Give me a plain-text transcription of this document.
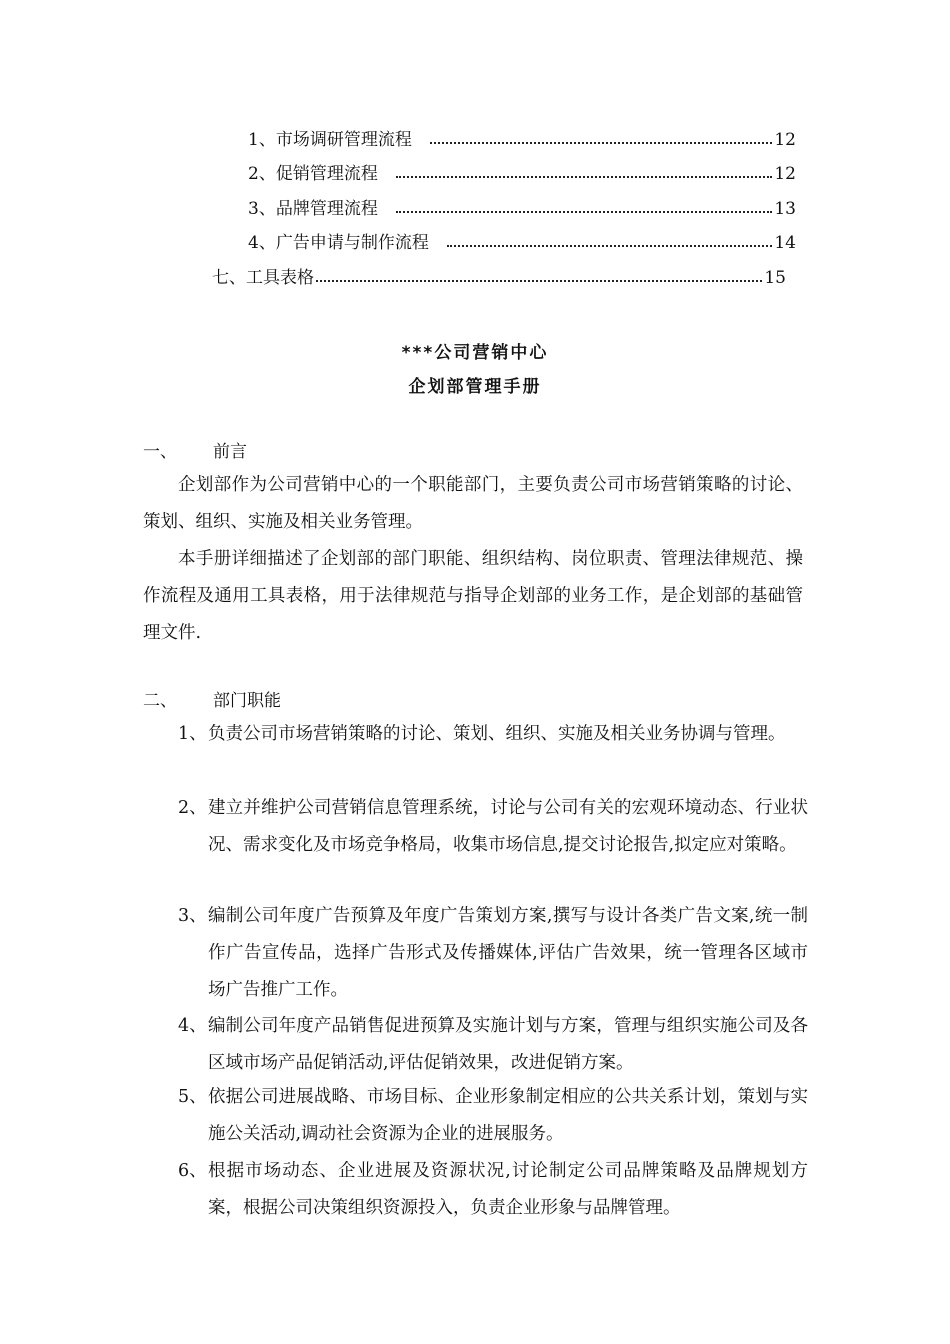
1、市场调研管理流程	12
2、促销管理流程	12
3、品牌管理流程	13
4、广告申请与制作流程	14
七、工具表格	15
***公司营销中心
企划部管理手册
一、 前言

企划部作为公司营销中心的一个职能部门，主要负责公司市场营销策略的讨论、策划、组织、实施及相关业务管理。

本手册详细描述了企划部的部门职能、组织结构、岗位职责、管理法律规范、操作流程及通用工具表格，用于法律规范与指导企划部的业务工作，是企划部的基础管理文件.

二、 部门职能
1、 负责公司市场营销策略的讨论、策划、组织、实施及相关业务协调与管理。
2、 建立并维护公司营销信息管理系统，讨论与公司有关的宏观环境动态、行业状况、需求变化及市场竞争格局，收集市场信息,提交讨论报告,拟定应对策略。
3、 编制公司年度广告预算及年度广告策划方案,撰写与设计各类广告文案,统一制作广告宣传品，选择广告形式及传播媒体,评估广告效果，统一管理各区域市场广告推广工作。
4、 编制公司年度产品销售促进预算及实施计划与方案，管理与组织实施公司及各区域市场产品促销活动,评估促销效果，改进促销方案。
5、 依据公司进展战略、市场目标、企业形象制定相应的公共关系计划，策划与实施公关活动,调动社会资源为企业的进展服务。
6、 根据市场动态、企业进展及资源状况,讨论制定公司品牌策略及品牌规划方案，根据公司决策组织资源投入，负责企业形象与品牌管理。
